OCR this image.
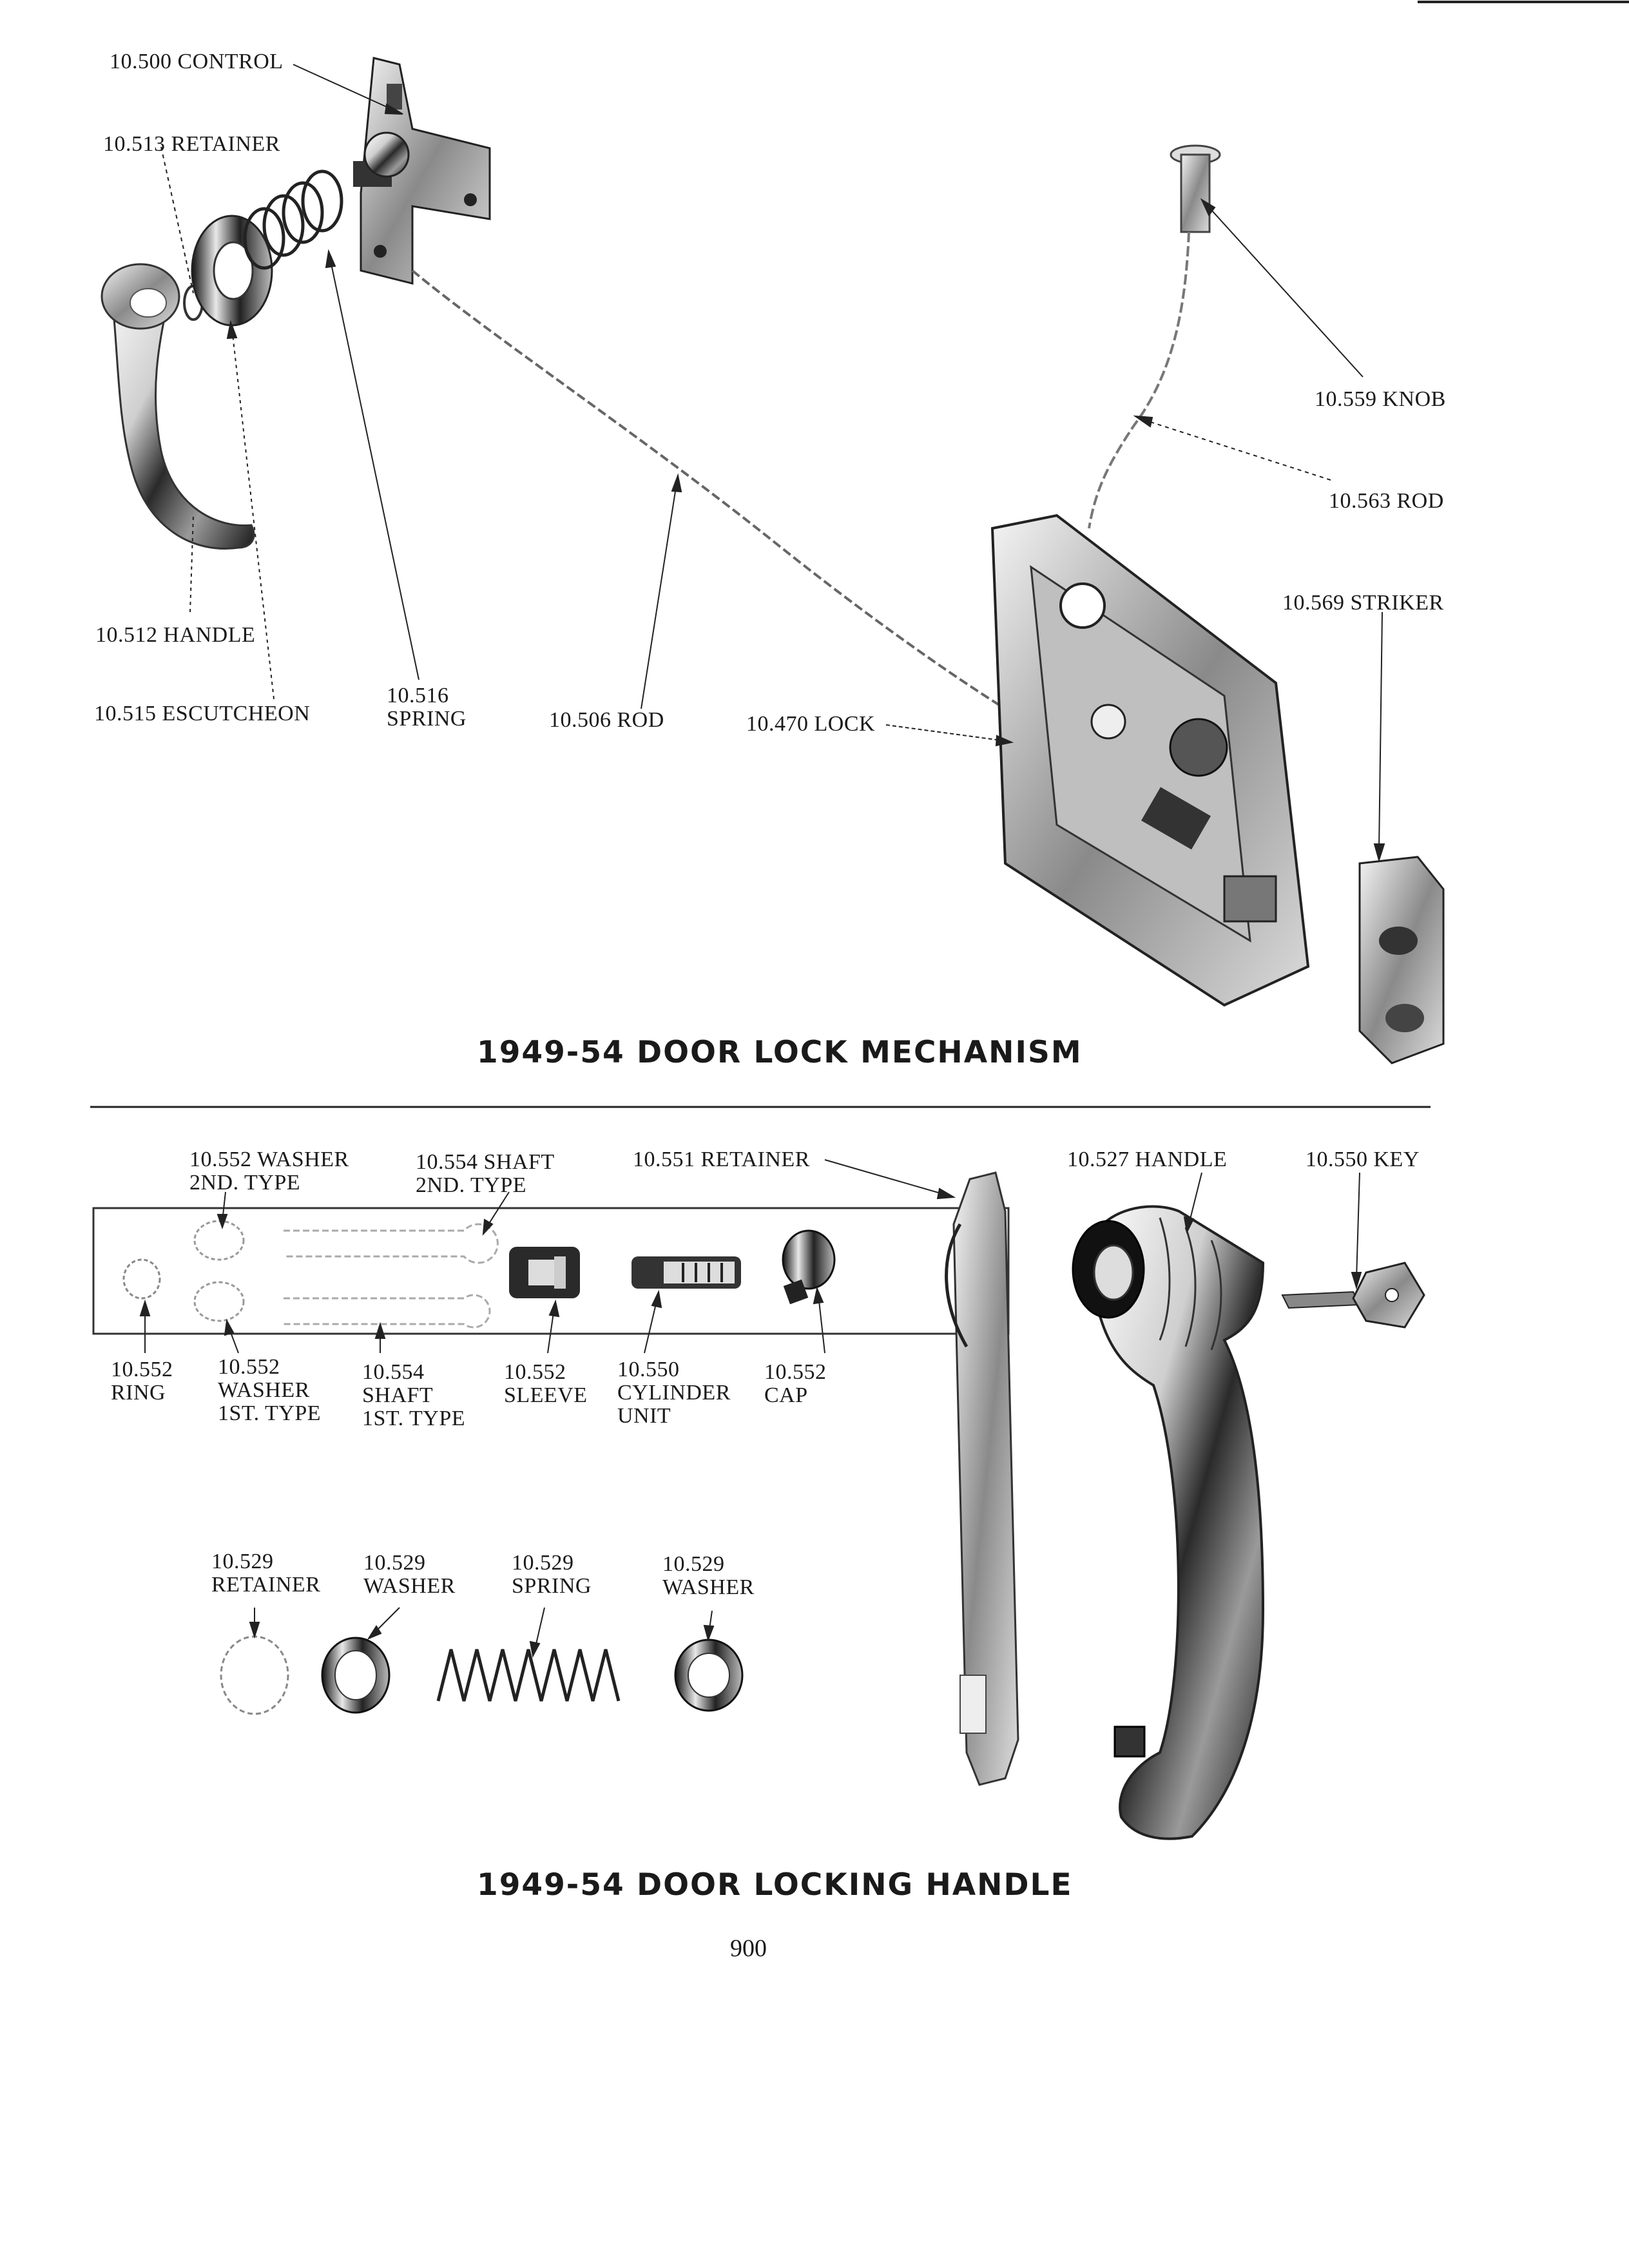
10.500 CONTROL
10.513 RETAINER
10.559 KNOB
10.563 ROD
10.569 STRIKER
10.512 HANDLE
10.515 ESCUTCHEON
10.516
SPRING	10.506 ROD	10.470 LOCK
1949-54 DOOR LOCK MECHANISM
10.552 WASHER
2ND. TYPE
10.554 SHAFT
2ND. TYPE
10.551 RETAINER	10.527 HANDLE	10.550 KEY
10.552
RING
10.552
WASHER
1ST. TYPE
10.554
SHAFT
1ST. TYPE
10.552
SLEEVE
10.550
CYLINDER
UNIT
10.552
CAP
10.529
RETAINER
10.529
WASHER
10.529
SPRING
10.529
WASHER
1949-54 DOOR LOCKING HANDLE
900
